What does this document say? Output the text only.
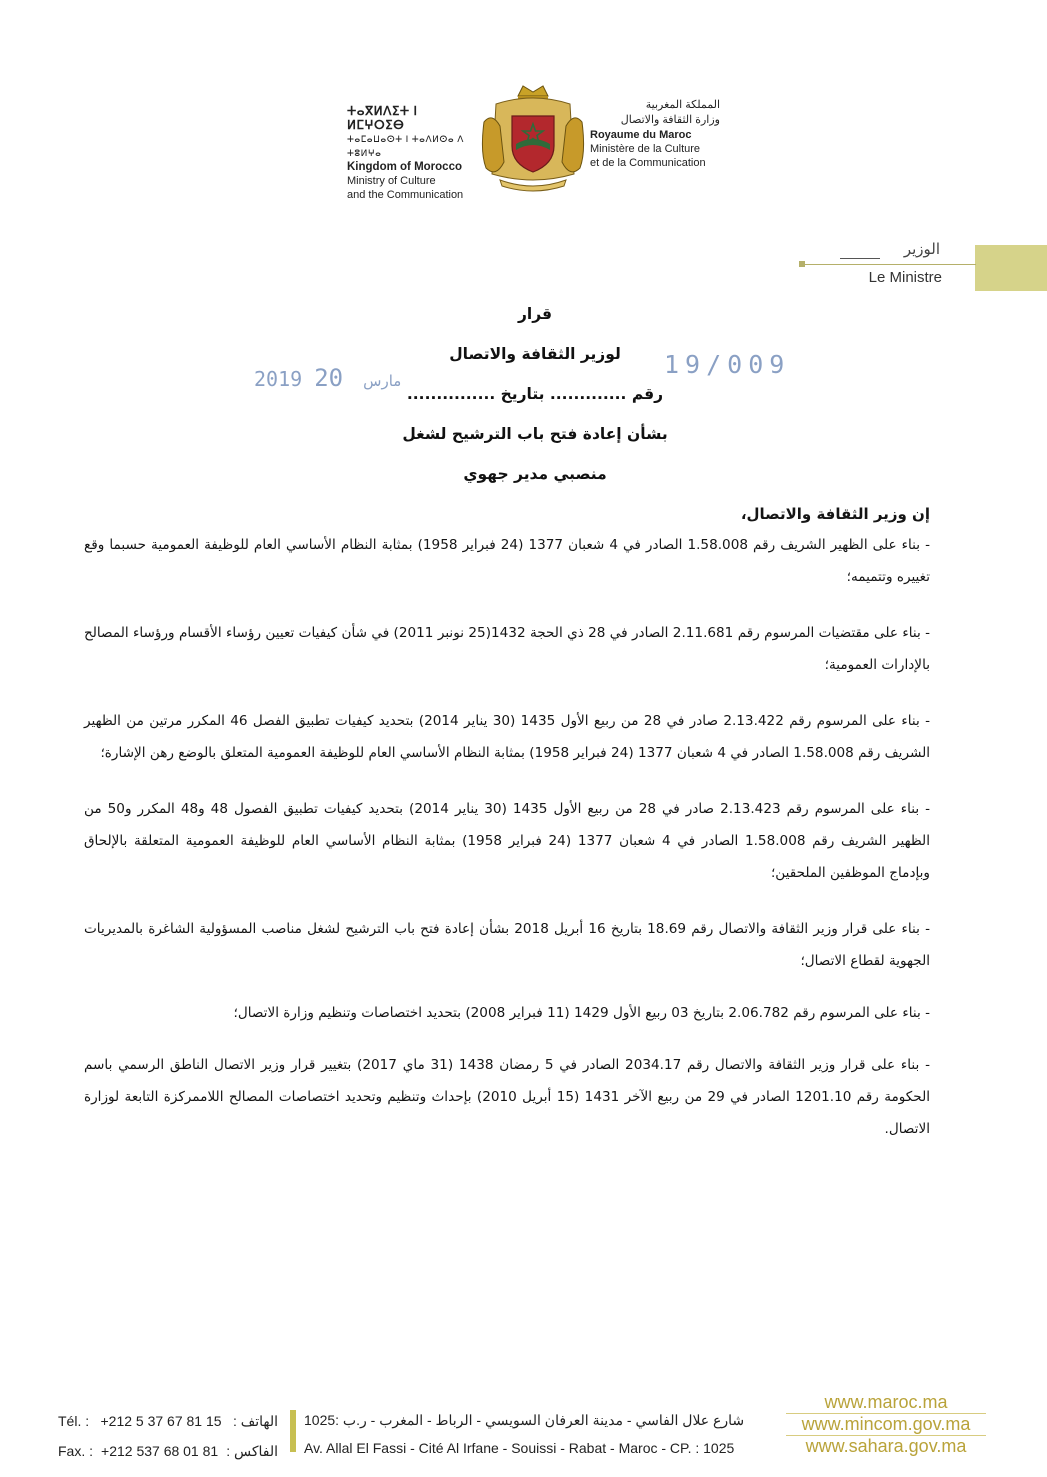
ⵜⴰⴳⵍⴷⵉⵜ ⵏ ⵍⵎⵖⵔⵉⴱ
ⵜⴰⵎⴰⵡⴰⵙⵜ ⵏ ⵜⴰⴷⵍⵙⴰ ⴷ ⵜⵓⵍⵖⴰ
Kingdom of Morocco
Ministry of Culture
and the Communication
المملكة المغربية
وزارة الثقافة والاتصال
Royaume du Maroc
Ministère de la Culture
et de la Communication
الوزير
Le Ministre
قرار
لوزير الثقافة والاتصال
رقم ............. بتاريخ ...............
بشأن إعادة فتح باب الترشيح لشغل
منصبي مدير جهوي
19/009
2019	مارس 20
إن وزير الثقافة والاتصال،

- بناء على الظهير الشريف رقم 1.58.008 الصادر في 4 شعبان 1377 (24 فبراير 1958) بمثابة النظام الأساسي العام للوظيفة العمومية حسبما وقع تغييره وتتميمه؛

- بناء على مقتضيات المرسوم رقم 2.11.681 الصادر في 28 ذي الحجة 1432(25 نونبر 2011) في شأن كيفيات تعيين رؤساء الأقسام ورؤساء المصالح بالإدارات العمومية؛

- بناء على المرسوم رقم 2.13.422 صادر في 28 من ربيع الأول 1435 (30 يناير 2014) بتحديد كيفيات تطبيق الفصل 46 المكرر مرتين من الظهير الشريف رقم 1.58.008 الصادر في 4 شعبان 1377 (24 فبراير 1958) بمثابة النظام الأساسي العام للوظيفة العمومية المتعلق بالوضع رهن الإشارة؛

- بناء على المرسوم رقم 2.13.423 صادر في 28 من ربيع الأول 1435 (30 يناير 2014) بتحديد كيفيات تطبيق الفصول 48 و48 المكرر و50 من الظهير الشريف رقم 1.58.008 الصادر في 4 شعبان 1377 (24 فبراير 1958) بمثابة النظام الأساسي العام للوظيفة العمومية المتعلقة بالإلحاق وبإدماج الموظفين الملحقين؛

- بناء على قرار وزير الثقافة والاتصال رقم 18.69 بتاريخ 16 أبريل 2018 بشأن إعادة فتح باب الترشيح لشغل مناصب المسؤولية الشاغرة بالمديريات الجهوية لقطاع الاتصال؛

- بناء على المرسوم رقم 2.06.782 بتاريخ 03 ربيع الأول 1429 (11 فبراير 2008) بتحديد اختصاصات وتنظيم وزارة الاتصال؛

- بناء على قرار وزير الثقافة والاتصال رقم 2034.17 الصادر في 5 رمضان 1438 (31 ماي 2017) بتغيير قرار وزير الاتصال الناطق الرسمي باسم الحكومة رقم 1201.10 الصادر في 29 من ربيع الآخر 1431 (15 أبريل 2010) بإحداث وتنظيم وتحديد اختصاصات المصالح اللاممركزة التابعة لوزارة الاتصال.

Tél. : +212 5 37 67 81 15 الهاتف :
Fax. : +212 537 68 01 81 الفاكس :
شارع علال الفاسي - مدينة العرفان السويسي - الرباط - المغرب - ر.ب :1025
Av. Allal El Fassi - Cité Al Irfane - Souissi - Rabat - Maroc - CP. : 1025
www.maroc.ma
www.mincom.gov.ma
www.sahara.gov.ma
